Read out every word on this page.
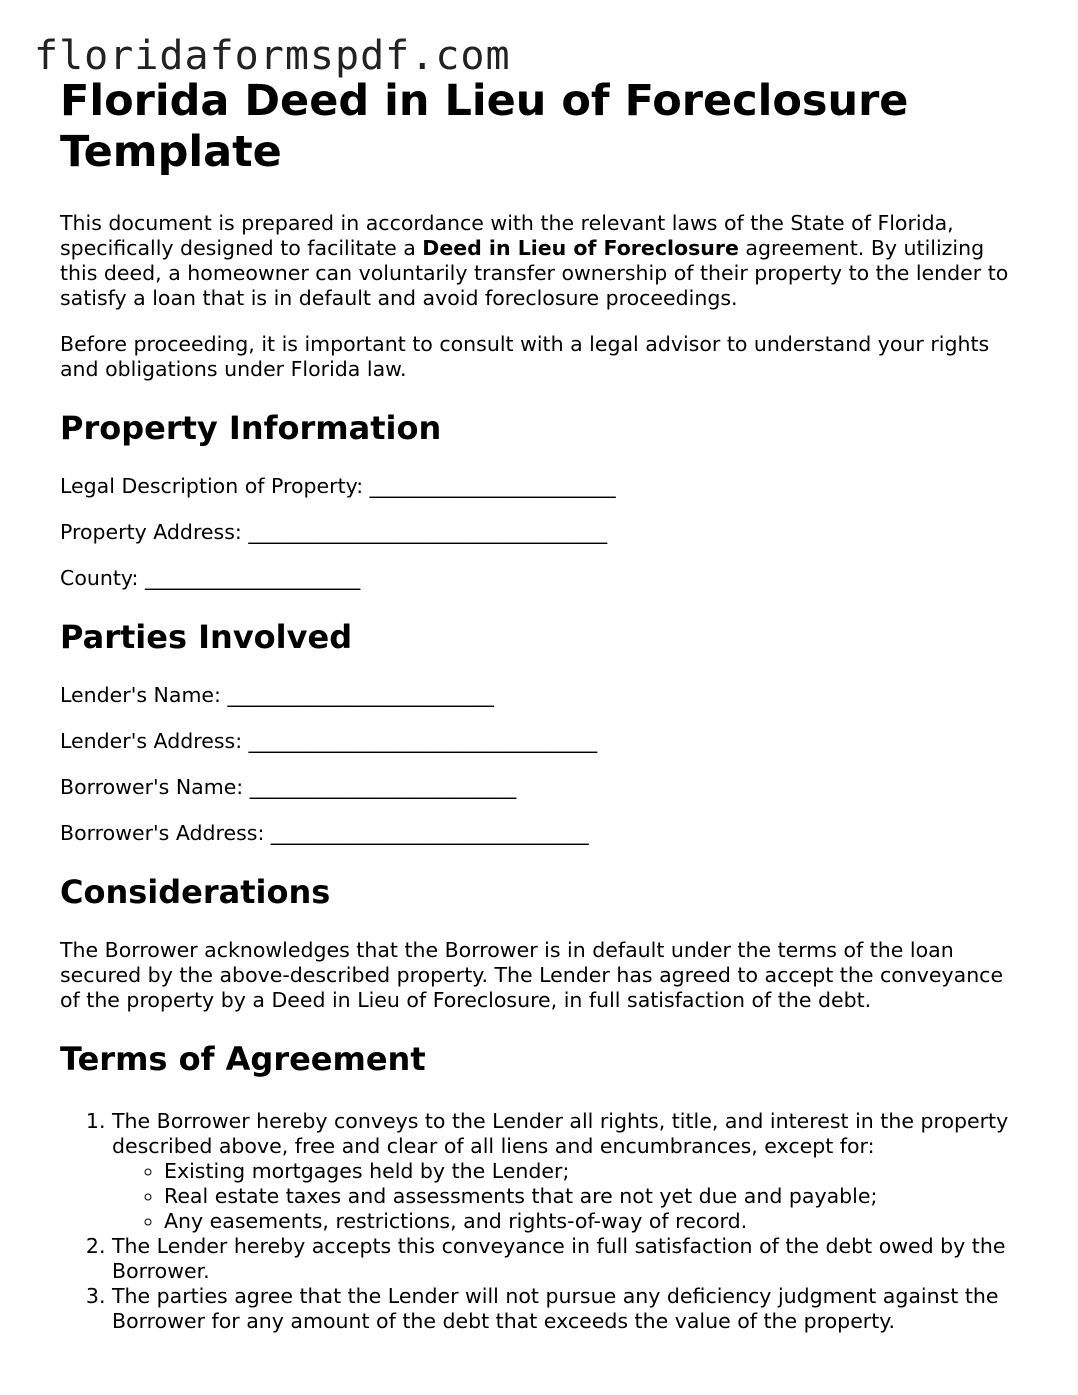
floridaformspdf.com
Florida Deed in Lieu of Foreclosure Template

This document is prepared in accordance with the relevant laws of the State of Florida, specifically designed to facilitate a Deed in Lieu of Foreclosure agreement. By utilizing this deed, a homeowner can voluntarily transfer ownership of their property to the lender to satisfy a loan that is in default and avoid foreclosure proceedings.

Before proceeding, it is important to consult with a legal advisor to understand your rights and obligations under Florida law.

Property Information
Legal Description of Property: ________________________
Property Address: ___________________________________
County: _____________________
Parties Involved
Lender's Name: __________________________
Lender's Address: __________________________________
Borrower's Name: __________________________
Borrower's Address: _______________________________
Considerations

The Borrower acknowledges that the Borrower is in default under the terms of the loan secured by the above-described property. The Lender has agreed to accept the conveyance of the property by a Deed in Lieu of Foreclosure, in full satisfaction of the debt.

Terms of Agreement
1. The Borrower hereby conveys to the Lender all rights, title, and interest in the property described above, free and clear of all liens and encumbrances, except for:
◦ Existing mortgages held by the Lender;
◦ Real estate taxes and assessments that are not yet due and payable;
◦ Any easements, restrictions, and rights-of-way of record.
2. The Lender hereby accepts this conveyance in full satisfaction of the debt owed by the Borrower.
3. The parties agree that the Lender will not pursue any deficiency judgment against the Borrower for any amount of the debt that exceeds the value of the property.
